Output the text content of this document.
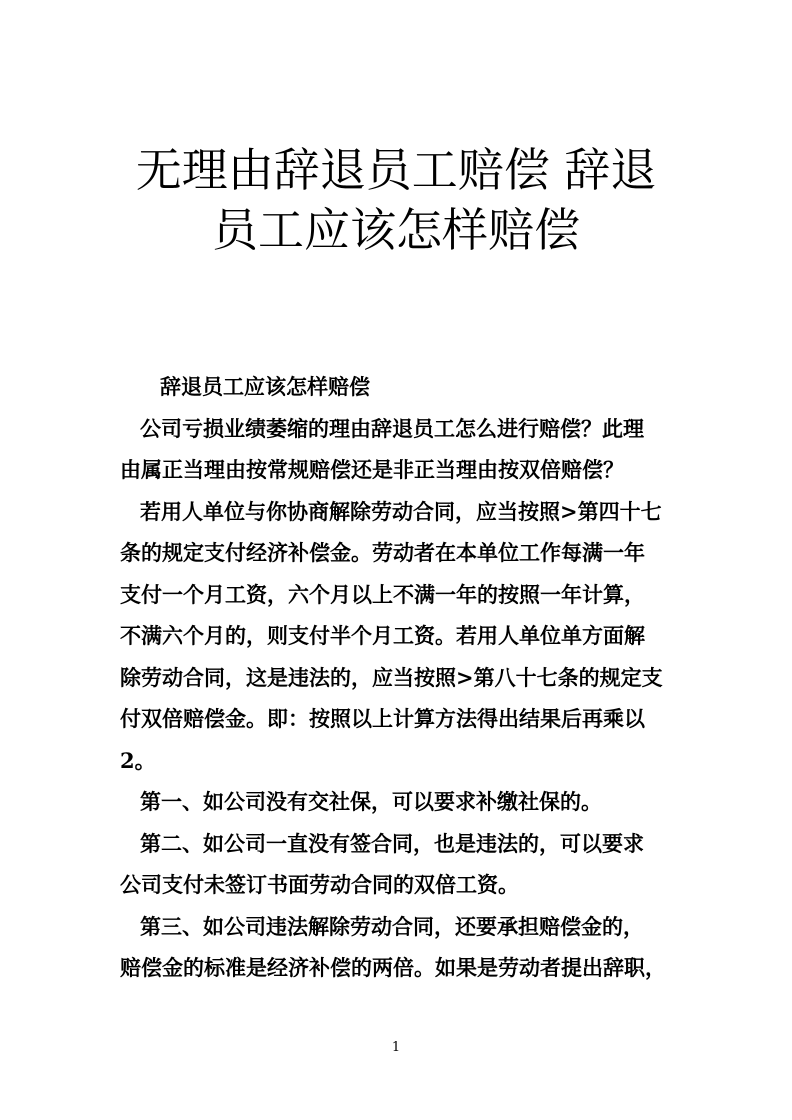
无理由辞退员工赔偿 辞退
员工应该怎样赔偿
辞退员工应该怎样赔偿
公司亏损业绩萎缩的理由辞退员工怎么进行赔偿？此理
由属正当理由按常规赔偿还是非正当理由按双倍赔偿？
若用人单位与你协商解除劳动合同，应当按照>第四十七
条的规定支付经济补偿金。劳动者在本单位工作每满一年
支付一个月工资，六个月以上不满一年的按照一年计算，
不满六个月的，则支付半个月工资。若用人单位单方面解
除劳动合同，这是违法的，应当按照>第八十七条的规定支
付双倍赔偿金。即：按照以上计算方法得出结果后再乘以
2。
第一、如公司没有交社保，可以要求补缴社保的。
第二、如公司一直没有签合同，也是违法的，可以要求
公司支付未签订书面劳动合同的双倍工资。
第三、如公司违法解除劳动合同，还要承担赔偿金的，
赔偿金的标准是经济补偿的两倍。如果是劳动者提出辞职，
1
